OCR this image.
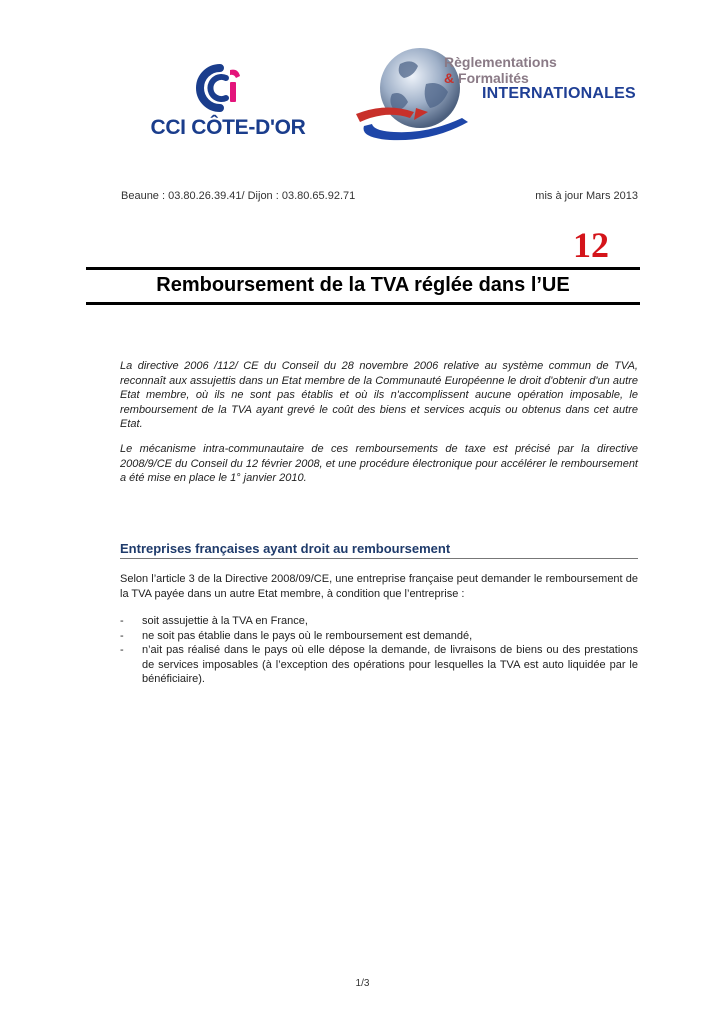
CCI CÔTE-D'OR
Règlementations
& Formalités
INTERNATIONALES
Beaune : 03.80.26.39.41/ Dijon : 03.80.65.92.71	mis à jour Mars 2013
12
Remboursement de la TVA réglée dans l’UE

La directive 2006 /112/ CE du Conseil du 28 novembre 2006 relative au système commun de TVA, reconnaît aux assujettis dans un Etat membre de la Communauté Européenne le droit d'obtenir d'un autre Etat membre, où ils ne sont pas établis et où ils n'accomplissent aucune opération imposable, le remboursement de la TVA ayant grevé le coût des biens et services acquis ou obtenus dans cet autre Etat.

Le mécanisme intra-communautaire de ces remboursements de taxe est précisé par la directive 2008/9/CE du Conseil du 12 février 2008, et une procédure électronique pour accélérer le remboursement a été mise en place le 1° janvier 2010.

Entreprises françaises ayant droit au remboursement

Selon l’article 3 de la Directive 2008/09/CE, une entreprise française peut demander le remboursement de la TVA payée dans un autre Etat membre, à condition que l’entreprise :

- soit assujettie à la TVA en France,
- ne soit pas établie dans le pays où le remboursement est demandé,
- n’ait pas réalisé dans le pays où elle dépose la demande, de livraisons de biens ou des prestations de services imposables (à l’exception des opérations pour lesquelles la TVA est auto liquidée par le bénéficiaire).
1/3
